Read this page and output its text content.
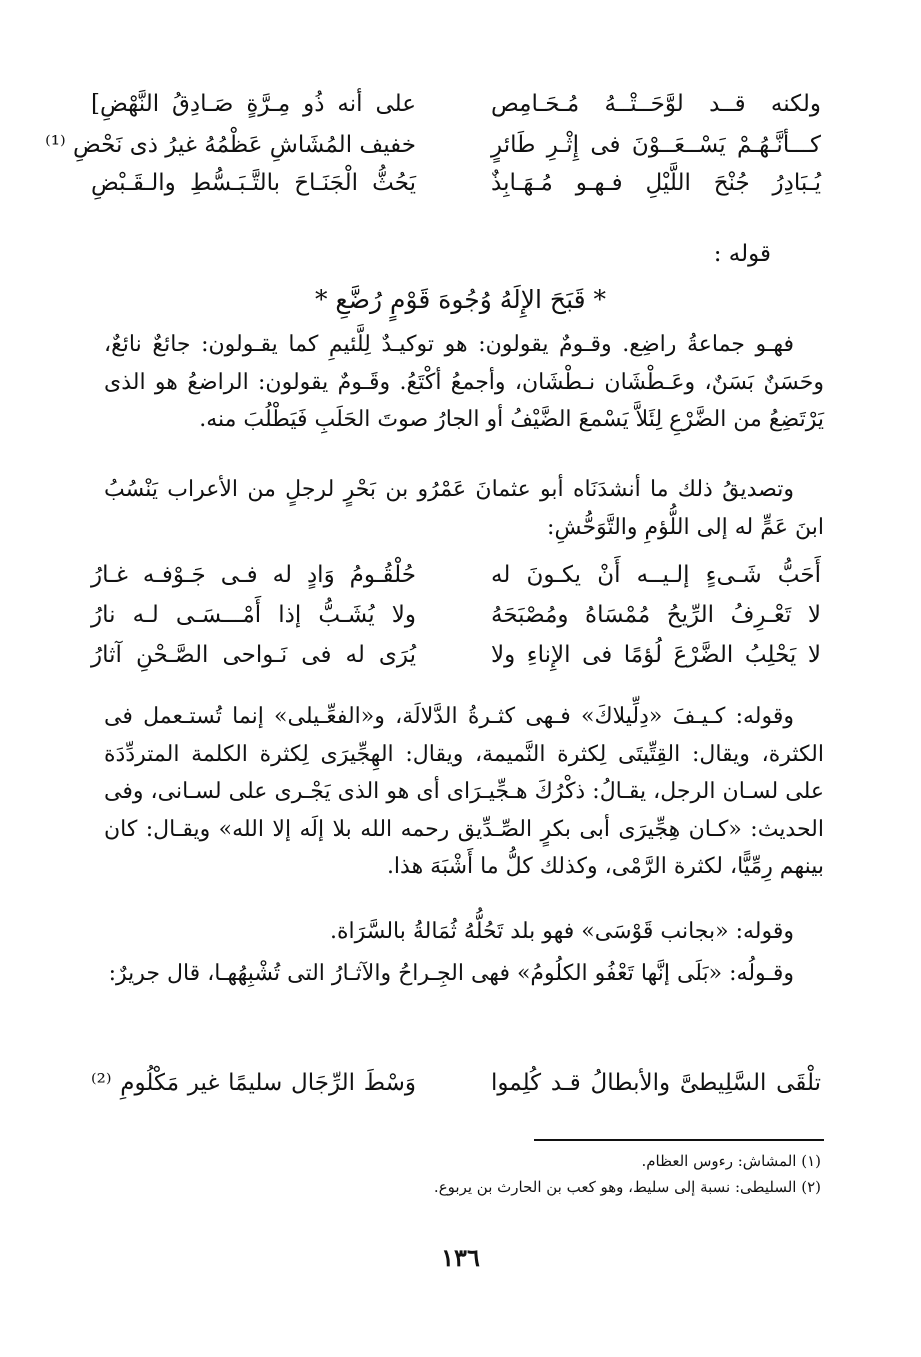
ولكنه قــد لوَّحَــتْــهُ مُـحَـامِص
على أنه ذُو مِـرَّةٍ صَـادِقُ النَّهْضِ]
كـــأنَّـهُـمْ يَسْــعَــوْنَ فى إِثْـرِ طَائرٍ
خفيف المُشَاشِ عَظْمُهُ غيرُ ذى نَحْضِ ⁽¹⁾
يُـبَادِرُ جُنْحَ اللَّيْلِ فـهـو مُـهَـابِذٌ
يَحُثُّ الْجَنَـاحَ بالتَّـبَـسُّطِ والـقَـبْضِ
قوله :
* قَبَحَ الإِلَهُ وُجُوهَ قَوْمٍ رُضَّعِ *
فهـو جماعةُ راضِع. وقـومٌ يقولون: هو توكيـدٌ لِلَّئيمِ كما يقـولون: جائعٌ نائعٌ، وحَسَنٌ بَسَنٌ، وعَـطْشَان نـطْشَان، وأجمعُ أكْتَعُ. وقَـومٌ يقولون: الراضعُ هو الذى يَرْتَضِعُ من الضَّرْعِ لِئَلاَّ يَسْمعَ الضَّيْفُ أو الجارُ صوتَ الحَلَبِ فَيَطْلُبَ منه.
وتصديقُ ذلك ما أنشدَنَاه أبو عثمانَ عَمْرُو بن بَحْرٍ لرجلٍ من الأعراب يَنْسُبُ ابنَ عَمٍّ له إلى اللُّؤمِ والتَّوَحُّشِ:
أَحَبُّ شَـىءٍ إلـيــه أَنْ يكـونَ له
حُلْقُـومُ وَادٍ له فـى جَـوْفـه غـارُ
لا تَعْـرِفُ الرِّيحُ مُمْسَاهُ ومُصْبَحَهُ
ولا يُشَـبُّ إذا أَمْـــسَـى لـه نارُ
لا يَحْلِبُ الضَّرْعَ لُؤمًا فى الإِناءِ ولا
يُرَى له فى نَـواحى الصَّـحْنِ آثارُ
وقوله: كـيـفَ «دِلِّيلاكَ» فـهى كثـرةُ الدَّلالَة، و«الفعِّـيلى» إنما تُستـعمل فى الكثرة، ويقال: القِتِّيتَى لِكثرة النَّميمة، ويقال: الهِجِّيرَى لِكثرة الكلمة المتردِّدَة على لسـان الرجل، يقـالُ: ذكْرُكَ هـجِّيـرَاى أى هو الذى يَجْـرى على لسـانى، وفى الحديث: «كـان هِجِّيرَى أبى بكرٍ الصِّـدِّيق رحمه الله بلا إلَه إلا الله» ويقـال: كان بينهم رِمِّيًّا، لكثرة الرَّمْى، وكذلك كلُّ ما أَشْبَهَ هذا.
وقوله: «بجانب قَوْسَى» فهو بلد تَحُلُّهُ ثُمَالةُ بالسَّرَاة.
وقـولُه: «بَلَى إنَّها تَعْفُو الكلُومُ» فهى الجِـراحُ والآثـارُ التى تُشْبِهُهـا، قال جريرٌ:
تلْقَى السَّلِيطىَّ والأبطالُ قـد كُلِموا
وَسْطَ الرِّجَال سليمًا غير مَكْلُومِ ⁽²⁾
(١) المشاش: رءوس العظام.
(٢) السليطى: نسبة إلى سليط، وهو كعب بن الحارث بن يربوع.
١٣٦
